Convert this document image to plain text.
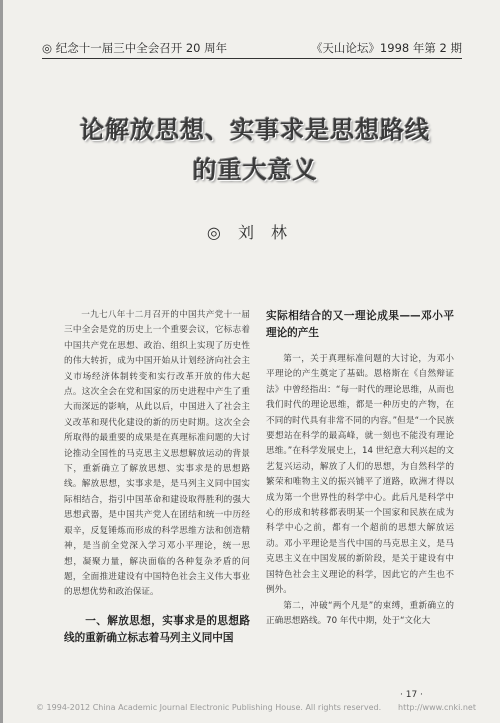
◎ 纪念十一届三中全会召开 20 周年	《天山论坛》1998 年第 2 期
论解放思想、实事求是思想路线
的重大意义
◎ 刘 林

一九七八年十二月召开的中国共产党十一届三中全会是党的历史上一个重要会议，它标志着中国共产党在思想、政治、组织上实现了历史性的伟大转折，成为中国开始从计划经济向社会主义市场经济体制转变和实行改革开放的伟大起点。这次全会在党和国家的历史进程中产生了重大而深远的影响，从此以后，中国进入了社会主义改革和现代化建设的新的历史时期。这次全会所取得的最重要的成果是在真理标准问题的大讨论推动全国性的马克思主义思想解放运动的背景下，重新确立了解放思想、实事求是的思想路线。解放思想，实事求是，是马列主义同中国实际相结合，指引中国革命和建设取得胜利的强大思想武器，是中国共产党人在团结和统一中历经艰辛，反复锤炼而形成的科学思维方法和创造精神，是当前全党深入学习邓小平理论，统一思想，凝聚力量，解决面临的各种复杂矛盾的问题，全面推进建设有中国特色社会主义伟大事业的思想优势和政治保证。

一、解放思想，实事求是的思想路线的重新确立标志着马列主义同中国

实际相结合的又一理论成果——邓小平理论的产生

第一，关于真理标准问题的大讨论，为邓小平理论的产生奠定了基础。恩格斯在《自然辩证法》中曾经指出：“每一时代的理论思维，从而也我们时代的理论思维，都是一种历史的产物，在不同的时代具有非常不同的内容。”但是“一个民族要想站在科学的最高峰，就一刻也不能没有理论思维。”在科学发展史上，14 世纪意大利兴起的文艺复兴运动，解放了人们的思想，为自然科学的繁荣和唯物主义的振兴铺平了道路，欧洲才得以成为第一个世界性的科学中心。此后凡是科学中心的形成和转移都表明某一个国家和民族在成为科学中心之前，都有一个超前的思想大解放运动。邓小平理论是当代中国的马克思主义，是马克思主义在中国发展的新阶段，是关于建设有中国特色社会主义理论的科学，因此它的产生也不例外。

第二，冲破“两个凡是”的束缚，重新确立的正确思想路线。70 年代中期，处于“文化大

· 17 ·
© 1994-2012 China Academic Journal Electronic Publishing House. All rights reserved. http://www.cnki.net
